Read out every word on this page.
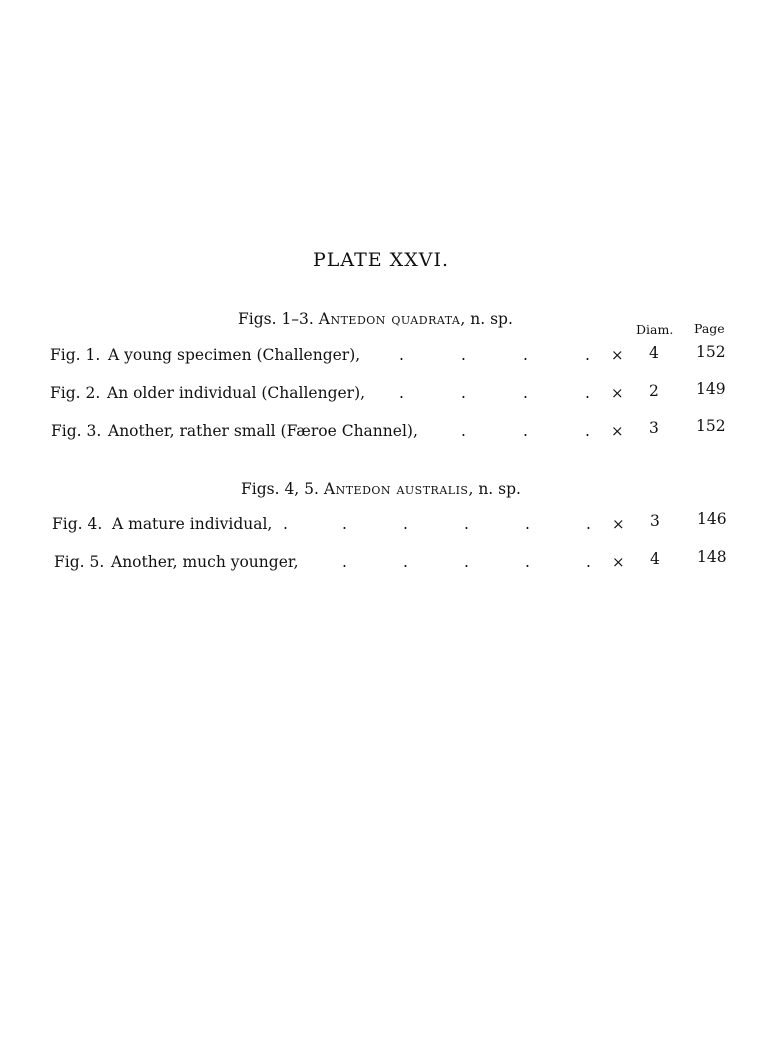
PLATE XXVI.
Figs. 1–3. Antedon quadrata, n. sp.
Diam. Page
Fig. 1. A young specimen (Challenger),	.	.	.	. × 4 152
Fig. 2. An older individual (Challenger), .	.	.	. × 2 149
Fig. 3. Another, rather small (Færoe Channel),	.	.	. × 3 152
Figs. 4, 5. Antedon australis, n. sp.
Fig. 4. A mature individual, .	.	.	.	.	. × 3 146
Fig. 5. Another, much younger,	.	.	.	.	. × 4 148
